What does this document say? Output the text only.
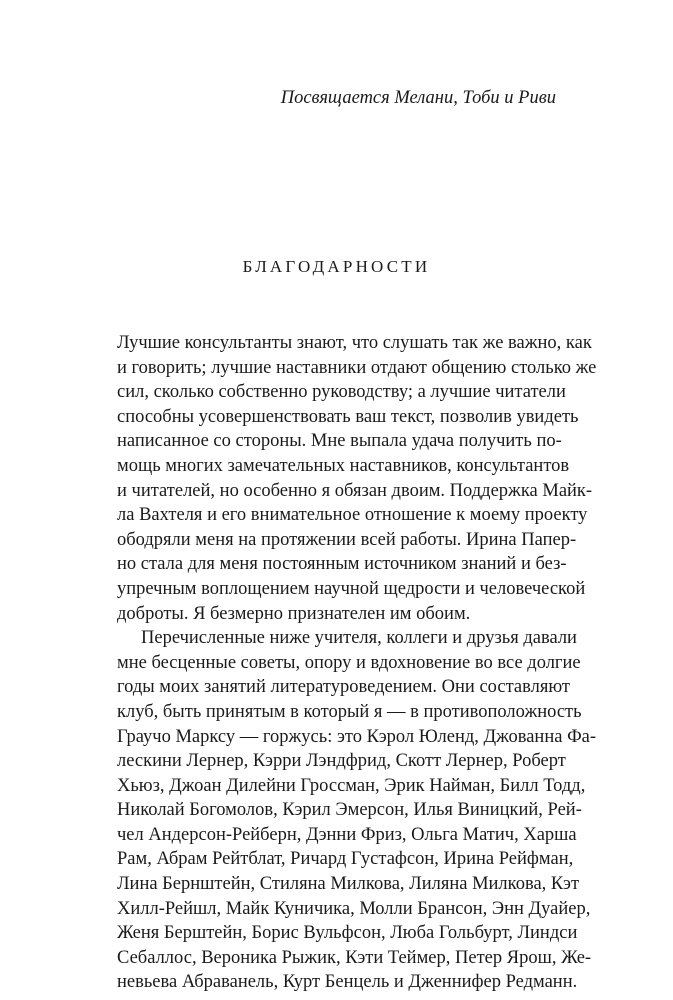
Посвящается Мелани, Тоби и Риви
БЛАГОДАРНОСТИ
Лучшие консультанты знают, что слушать так же важно, как
и говорить; лучшие наставники отдают общению столько же
сил, сколько собственно руководству; а лучшие читатели
способны усовершенствовать ваш текст, позволив увидеть
написанное со стороны. Мне выпала удача получить по-
мощь многих замечательных наставников, консультантов
и читателей, но особенно я обязан двоим. Поддержка Майк-
ла Вахтеля и его внимательное отношение к моему проекту
ободряли меня на протяжении всей работы. Ирина Папер-
но стала для меня постоянным источником знаний и без-
упречным воплощением научной щедрости и человеческой
доброты. Я безмерно признателен им обоим.
Перечисленные ниже учителя, коллеги и друзья давали
мне бесценные советы, опору и вдохновение во все долгие
годы моих занятий литературоведением. Они составляют
клуб, быть принятым в который я — в противоположность
Граучо Марксу — горжусь: это Кэрол Юленд, Джованна Фа-
лескини Лернер, Кэрри Лэндфрид, Скотт Лернер, Роберт
Хьюз, Джоан Дилейни Гроссман, Эрик Найман, Билл Тодд,
Николай Богомолов, Кэрил Эмерсон, Илья Виницкий, Рей-
чел Андерсон-Рейберн, Дэнни Фриз, Ольга Матич, Харша
Рам, Абрам Рейтблат, Ричард Густафсон, Ирина Рейфман,
Лина Бернштейн, Стиляна Милкова, Лиляна Милкова, Кэт
Хилл-Рейшл, Майк Куничика, Молли Брансон, Энн Дуайер,
Женя Берштейн, Борис Вульфсон, Люба Гольбурт, Линдси
Себаллос, Вероника Рыжик, Кэти Теймер, Петер Ярош, Же-
невьева Абраванель, Курт Бенцель и Дженнифер Редманн.
